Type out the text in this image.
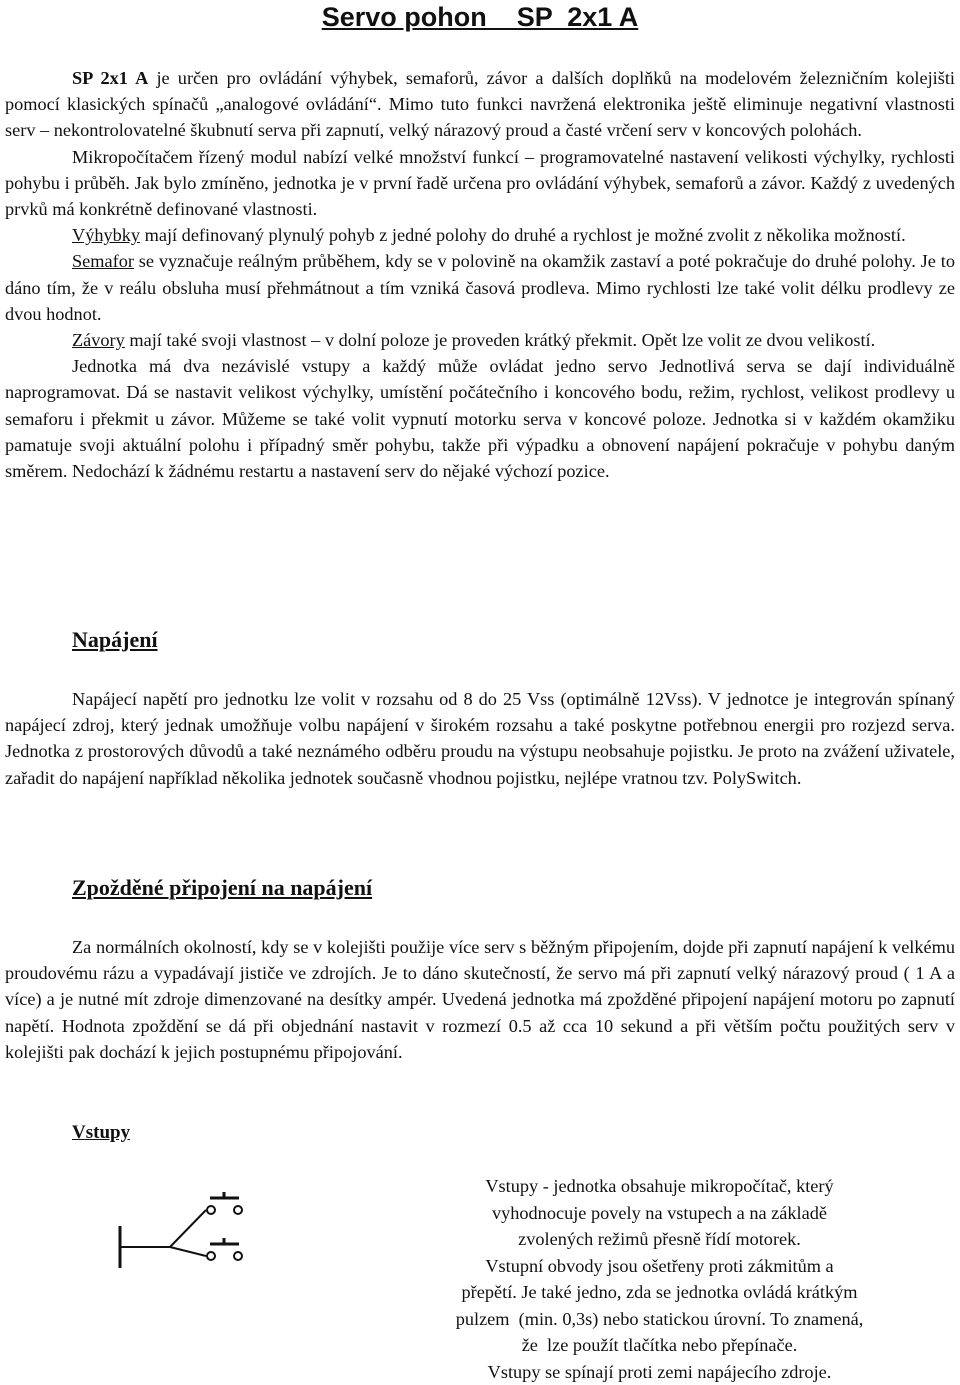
Servo pohon    SP  2x1 A

SP 2x1 A je určen pro ovládání výhybek, semaforů, závor a dalších doplňků na modelovém železničním kolejišti pomocí klasických spínačů „analogové ovládání“. Mimo tuto funkci navržená elektronika ještě eliminuje negativní vlastnosti serv – nekontrolovatelné škubnutí serva při zapnutí, velký nárazový proud a časté vrčení serv v koncových polohách.

Mikropočítačem řízený modul nabízí velké množství funkcí – programovatelné nastavení velikosti výchylky, rychlosti pohybu i průběh. Jak bylo zmíněno, jednotka je v první řadě určena pro ovládání výhybek, semaforů a závor. Každý z uvedených prvků má konkrétně definované vlastnosti.

Výhybky mají definovaný plynulý pohyb z jedné polohy do druhé a rychlost je možné zvolit z několika možností.

Semafor se vyznačuje reálným průběhem, kdy se v polovině na okamžik zastaví a poté pokračuje do druhé polohy. Je to dáno tím, že v reálu obsluha musí přehmátnout a tím vzniká časová prodleva. Mimo rychlosti lze také volit délku prodlevy ze dvou hodnot.

Závory mají také svoji vlastnost – v dolní poloze je proveden krátký překmit. Opět lze volit ze dvou velikostí.

Jednotka má dva nezávislé vstupy a každý může ovládat jedno servo Jednotlivá serva se dají individuálně naprogramovat. Dá se nastavit velikost výchylky, umístění počátečního i koncového bodu, režim, rychlost, velikost prodlevy u semaforu i překmit u závor. Můžeme se také volit vypnutí motorku serva v koncové poloze. Jednotka si v každém okamžiku pamatuje svoji aktuální polohu i případný směr pohybu, takže při výpadku a obnovení napájení pokračuje v pohybu daným směrem. Nedochází k žádnému restartu a nastavení serv do nějaké výchozí pozice.

Napájení

Napájecí napětí pro jednotku lze volit v rozsahu od 8 do 25 Vss (optimálně 12Vss). V jednotce je integrován spínaný napájecí zdroj, který jednak umožňuje volbu napájení v širokém rozsahu a také poskytne potřebnou energii pro rozjezd serva. Jednotka z prostorových důvodů a také neznámého odběru proudu na výstupu neobsahuje pojistku. Je proto na zvážení uživatele, zařadit do napájení například několika jednotek současně vhodnou pojistku, nejlépe vratnou tzv. PolySwitch.

Zpožděné připojení na napájení

Za normálních okolností, kdy se v kolejišti použije více serv s běžným připojením, dojde při zapnutí napájení k velkému proudovému rázu a vypadávají jističe ve zdrojích. Je to dáno skutečností, že servo má při zapnutí velký nárazový proud ( 1 A a více) a je nutné mít zdroje dimenzované na desítky ampér. Uvedená jednotka má zpožděné připojení napájení motoru po zapnutí napětí. Hodnota zpoždění se dá při objednání nastavit v rozmezí 0.5 až cca 10 sekund a při větším počtu použitých serv v kolejišti pak dochází k jejich postupnému připojování.

Vstupy
Vstupy - jednotka obsahuje mikropočítač, který
vyhodnocuje povely na vstupech a na základě
zvolených režimů přesně řídí motorek.
Vstupní obvody jsou ošetřeny proti zákmitům a
přepětí. Je také jedno, zda se jednotka ovládá krátkým
pulzem  (min. 0,3s) nebo statickou úrovní. To znamená,
že  lze použít tlačítka nebo přepínače.
Vstupy se spínají proti zemi napájecího zdroje.
